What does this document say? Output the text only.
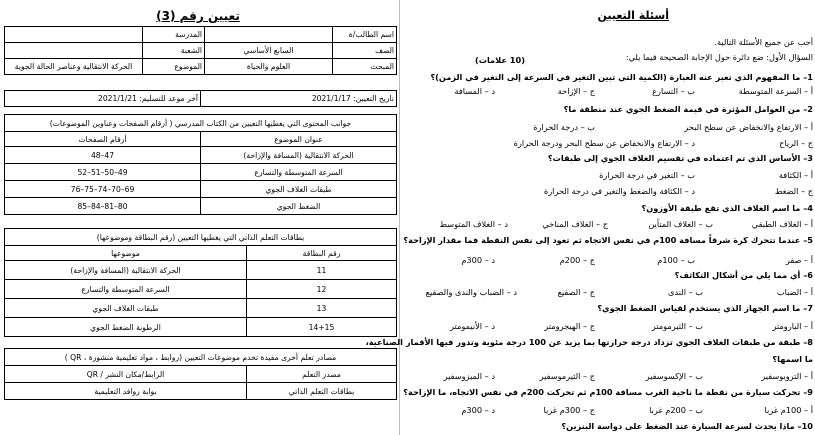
تعيين رقم (3)
اسم الطالب/ة		المدرسة	
الصف	السابع الأساسي	الشعبة	
المبحث	العلوم والحياة	الموضوع	الحركة الانتقالية وعناصر الحالة الجوية
تاريخ التعيين: 2021/1/17	آخر موعد للتسليم: 2021/1/21
جوانب المحتوى التي يغطيها التعيين من الكتاب المدرسي ( أرقام الصفحات وعناوين الموضوعات)	
عنوان الموضوع	أرقام الصفحات
الحركة الانتقالية (المسافة والإزاحة)	47–48
السرعة المتوسطة والتسارع	49–50–51–52
طبقات الغلاف الجوي	69–70–74–75–76
الضغط الجوي	80–81–84–85
بطاقات التعلم الذاتي التي يغطيها التعيين (رقم البطاقة وموضوعها)	
رقم البطاقة	موضوعها
11	الحركة الانتقالية (المسافة والإزاحة)
12	السرعة المتوسطة والتسارع
13	طبقات الغلاف الجوي
14+15	الرطوبة الضغط الجوي
مصادر تعلم أخرى مفيدة تخدم موضوعات التعيين (روابط ، مواد تعليمية منشورة ، QR )	
مصدر التعلم	الرابط/مكان النشر / QR
بطاقات التعلم الذاتي	بوابة روافد التعليمية
أسئلة التعيين
أجب عن جميع الأسئلة التالية.
السؤال الأول: ضع دائرة حول الإجابة الصحيحة فيما يلي:
(10 علامات)
1– ما المفهوم الذي تعبر عنه العبارة (الكمية التي تبين التغير في السرعة إلى التغير في الزمن)؟
أ – السرعة المتوسطة
ب – التسارع
ج – الإزاحة
د – المسافة
2– من العوامل المؤثرة في قيمة الضغط الجوي عند منطقة ما؟
أ – الارتفاع والانخفاض عن سطح البحر
ب – درجة الحرارة
ج – الرياح
د – الارتفاع والانخفاض عن سطح البحر ودرجة الحرارة
3– الأساس الذي تم اعتماده في تقسيم الغلاف الجوي إلى طبقات؟
أ – الكثافة
ب – التغير في درجة الحرارة
ج – الضغط
د – الكثافة والضغط والتغير في درجة الحرارة
4– ما اسم الغلاف الذي تقع طبقة الأوزون؟
أ – الغلاف الطبقي
ب – الغلاف المتأين
ج – الغلاف المناخي
د – الغلاف المتوسط
5– عندما تتحرك كرة شرقاً مسافة 100م في نفس الاتجاه ثم تعود إلى نفس النقطة فما مقدار الإزاحة؟
أ – صفر
ب – 100م
ج – 200م
د – 300م
6– أي مما يلي من أشكال التكاثف؟
أ – الضباب
ب – الندى
ج – الصقيع
د – الضباب والندى والصقيع
7– ما اسم الجهاز الذي يستخدم لقياس الضغط الجوي؟
أ – البارومتر
ب – الثيرمومتر
ج – الهيجرومتر
د – الأنيمومتر
8– طبقة من طبقات الغلاف الجوي تزداد درجة حرارتها بما يزيد عن 100 درجة مئوية وتدور فيها الأقمار الصناعية،
ما اسمها؟
أ – التروبوسفير
ب – الإكسوسفير
ج – الثيرموسفير
د – الميزوسفير
9– تحركت سيارة من نقطة ما ناحية الغرب مسافة 100م ثم تحركت 200م في نفس الاتجاه، ما الإزاحة؟
أ – 100م غربا
ب – 200م غربا
ج – 300م غربا
د – 300م
10– ماذا يحدث لسرعة السيارة عند الضغط على دواسة البنزين؟
